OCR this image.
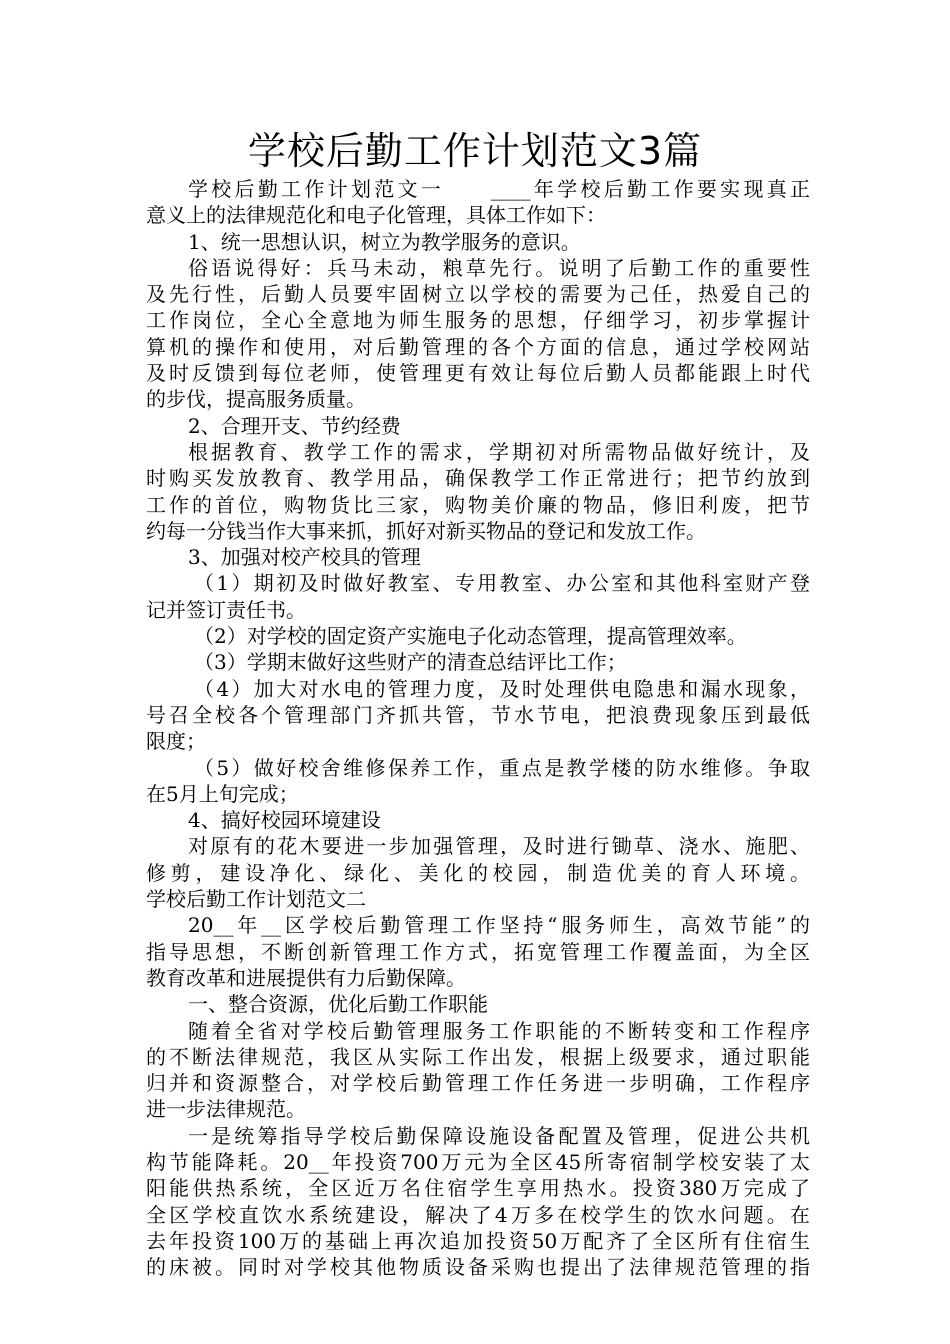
学校后勤工作计划范文3篇
学校后勤工作计划范文一　　____年学校后勤工作要实现真正
意义上的法律规范化和电子化管理，具体工作如下：
1、统一思想认识，树立为教学服务的意识。
俗语说得好：兵马未动，粮草先行。说明了后勤工作的重要性
及先行性，后勤人员要牢固树立以学校的需要为己任，热爱自己的
工作岗位，全心全意地为师生服务的思想，仔细学习，初步掌握计
算机的操作和使用，对后勤管理的各个方面的信息，通过学校网站
及时反馈到每位老师，使管理更有效让每位后勤人员都能跟上时代
的步伐，提高服务质量。
2、合理开支、节约经费
根据教育、教学工作的需求，学期初对所需物品做好统计，及
时购买发放教育、教学用品，确保教学工作正常进行；把节约放到
工作的首位，购物货比三家，购物美价廉的物品，修旧利废，把节
约每一分钱当作大事来抓，抓好对新买物品的登记和发放工作。
3、加强对校产校具的管理
（1）期初及时做好教室、专用教室、办公室和其他科室财产登
记并签订责任书。
（2）对学校的固定资产实施电子化动态管理，提高管理效率。
（3）学期末做好这些财产的清查总结评比工作；
（4）加大对水电的管理力度，及时处理供电隐患和漏水现象，
号召全校各个管理部门齐抓共管，节水节电，把浪费现象压到最低
限度；
（5）做好校舍维修保养工作，重点是教学楼的防水维修。争取
在5月上旬完成；
4、搞好校园环境建设
对原有的花木要进一步加强管理，及时进行锄草、浇水、施肥、
修剪，建设净化、绿化、美化的校园，制造优美的育人环境。
学校后勤工作计划范文二
20__年__区学校后勤管理工作坚持“服务师生，高效节能”的
指导思想，不断创新管理工作方式，拓宽管理工作覆盖面，为全区
教育改革和进展提供有力后勤保障。
一、整合资源，优化后勤工作职能
随着全省对学校后勤管理服务工作职能的不断转变和工作程序
的不断法律规范，我区从实际工作出发，根据上级要求，通过职能
归并和资源整合，对学校后勤管理工作任务进一步明确，工作程序
进一步法律规范。
一是统筹指导学校后勤保障设施设备配置及管理，促进公共机
构节能降耗。20__年投资700万元为全区45所寄宿制学校安装了太
阳能供热系统，全区近万名住宿学生享用热水。投资380万完成了
全区学校直饮水系统建设，解决了4万多在校学生的饮水问题。在
去年投资100万的基础上再次追加投资50万配齐了全区所有住宿生
的床被。同时对学校其他物质设备采购也提出了法律规范管理的指
